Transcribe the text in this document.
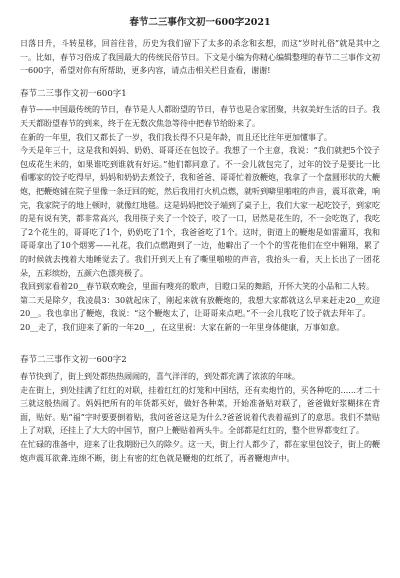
春节二三事作文初一600字2021

日落日升，斗转星移，回首往昔，历史为我们留下了太多的杀念和玄想，而这“岁时礼俗”就是其中之一。比如，春节习俗成了我国最大的传统民俗节日。下文是小编为你精心编辑整理的春节二三事作文初一600字，希望对你有所帮助，更多内容，请点击相关栏目查看，谢谢!

春节二三事作文初一600字1

春节——中国最传统的节日，春节是人人都盼望的节日，春节也是合家团聚，共叙美好生活的日子。我天天都盼望春节的到来，终于在无数次焦急等待中把春节给盼来了。

在新的一年里，我们又都长了一岁，我们我长得不只是年龄，而且还比往年更加懂事了。

今天是年三十，这是我和妈妈、奶奶、哥哥还在包饺子。我想了一个主意，我说：“我们就把5个饺子包成花生米的，如果谁吃到谁就有好运。”他们都同意了。不一会儿就包完了，过年的饺子是要比一比看哪家的饺子吃得早，妈妈和奶奶去煮饺子，我和爸爸、哥哥忙着放鞭炮，我拿了一个盘圆形状的大鞭炮，把鞭炮铺在院子里像一条迂回的蛇，然后我用打火机点燃，就听到噼里啪啦的声音，震耳欲聋，响完，我家院子的地上顿时，就像红地毯。这是妈妈把饺子端到了桌子上，我们大家一起吃饺子，到家吃的是有说有笑，都非常高兴，我用筷子夹了一个饺子，咬了一口，居然是花生的，不一会吃饱了，我吃了2个花生的，哥哥吃了1个，奶奶吃了1个，我爸爸吃了1个。这时，街道上的鞭炮是如雷灌耳，我和哥哥拿出了10个烟雾——礼花，我们点燃跑到了一边，他噼出了一个个的雪花他们在空中翱翔，累了的时候就去拽着大地睡觉去了。我们开到天上有了嘶里啪啦的声音，我抬头一看，天上长出了一团花朵，五彩缤纷，五颜六色漂亮极了。

我回到家看着20__春节联欢晚会，里面有嗖亮的歌声，目瞪口呆的舞蹈，开怀大笑的小品和二人转。

第二天是除夕，我凌晨3：30就起床了，刚起来就有放鞭炮的，我想大家都就这么早来赶走20__欢迎20__。我也拿出了鞭炮，我说：“这个鞭炮太了，让哥哥来点吧。”不一会儿我吃了饺子就去拜年了。

20__走了，我们迎来了新的一年20__，在这里祝：大家在新的一年里身体健康，万事如意。

春节二三事作文初一600字2

春节快到了，街上到处都热热闹闹的，喜气洋洋的，到处都充满了浓浓的年味。

走在街上，到处挂满了红红的对联，挂着红红的灯笼和中国结，还有卖炮竹的，买各种吃的......才二十三就这般热闹了。妈妈把所有的年货都买好，做好各种菜，开始准备贴对联了，爸爸做好浆糊抹在背面，贴好。贴“福”字时要要倒着贴，我问爸爸这是为什么?爸爸说着代表着福到了的意思。我们不禁贴上了对联，还挂上了大大的中国节，窗户上鞭贴着两头牛。全部都是红红的，整个世界都变红了。

在忙碌的准备中，迎来了让我期盼已久的除夕。这一天，街上行人都少了，都在家里包饺子，街上的鞭炮声震耳欲聋.连绵不断，街上有密的红色就是鞭炮的红纸了，再者鞭炮声中。
